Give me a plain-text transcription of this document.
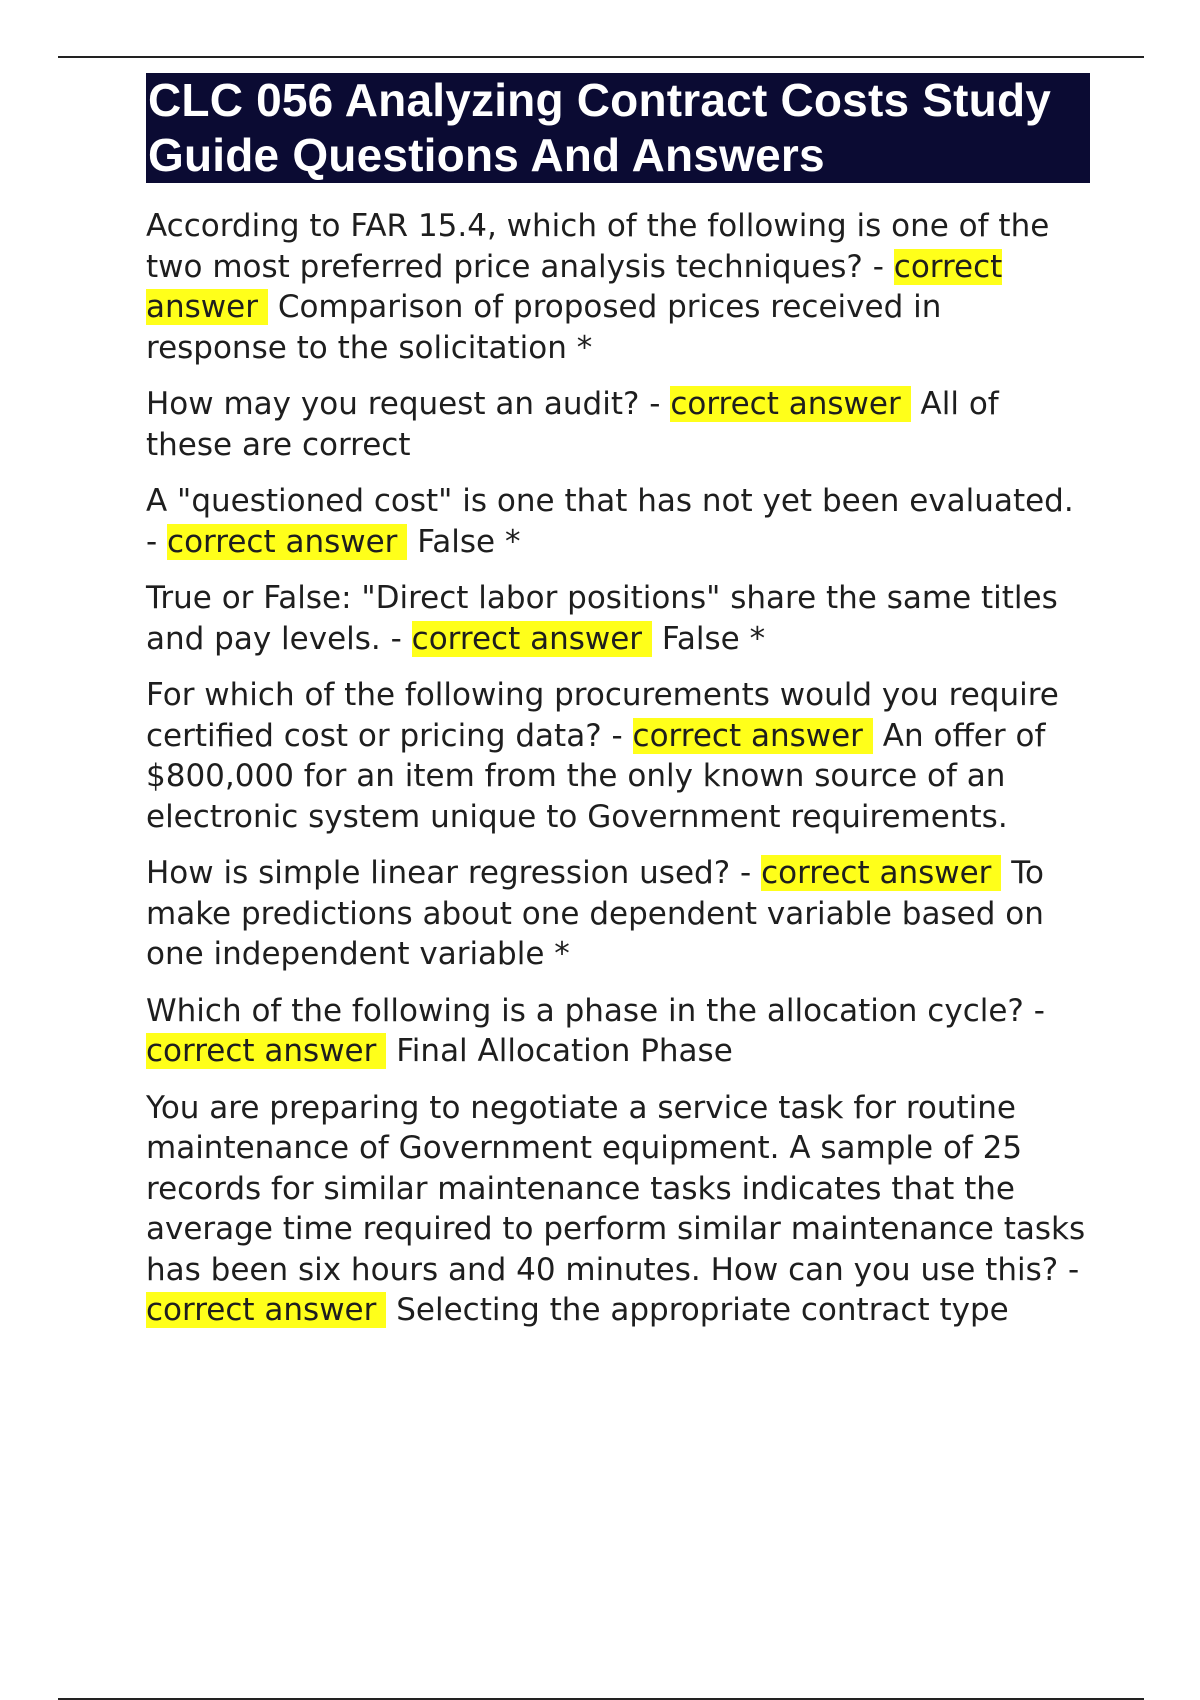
CLC 056 Analyzing Contract Costs Study Guide Questions And Answers

According to FAR 15.4, which of the following is one of the two most preferred price analysis techniques? - correct answer Comparison of proposed prices received in response to the solicitation *

How may you request an audit? - correct answer All of these are correct

A "questioned cost" is one that has not yet been evaluated. - correct answer False *

True or False: "Direct labor positions" share the same titles and pay levels. - correct answer False *

For which of the following procurements would you require certified cost or pricing data? - correct answer An offer of $800,000 for an item from the only known source of an electronic system unique to Government requirements.

How is simple linear regression used? - correct answer To make predictions about one dependent variable based on one independent variable *

Which of the following is a phase in the allocation cycle? - correct answer Final Allocation Phase

You are preparing to negotiate a service task for routine maintenance of Government equipment. A sample of 25 records for similar maintenance tasks indicates that the average time required to perform similar maintenance tasks has been six hours and 40 minutes. How can you use this? - correct answer Selecting the appropriate contract type
